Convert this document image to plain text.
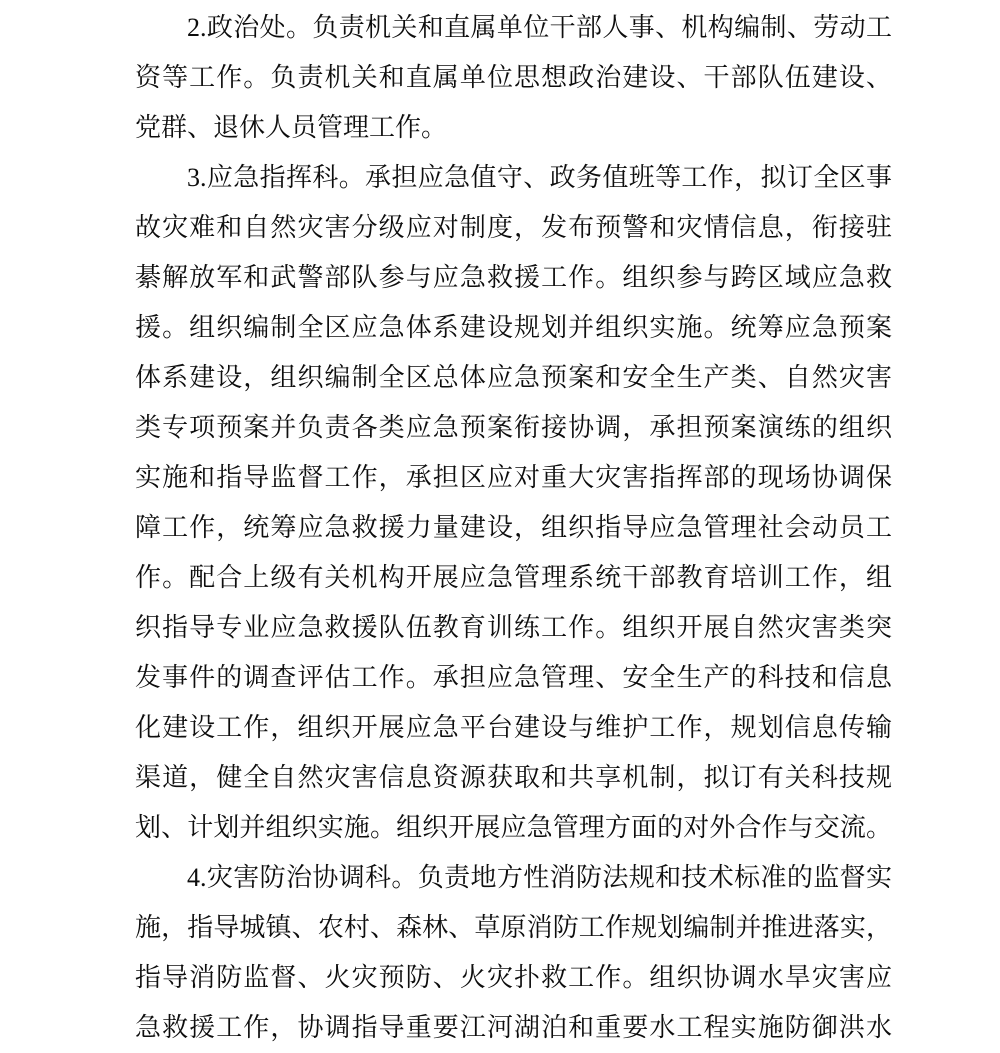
2.政治处。负责机关和直属单位干部人事、机构编制、劳动工
资等工作。负责机关和直属单位思想政治建设、干部队伍建设、
党群、退休人员管理工作。
3.应急指挥科。承担应急值守、政务值班等工作，拟订全区事
故灾难和自然灾害分级应对制度，发布预警和灾情信息，衔接驻
綦解放军和武警部队参与应急救援工作。组织参与跨区域应急救
援。组织编制全区应急体系建设规划并组织实施。统筹应急预案
体系建设，组织编制全区总体应急预案和安全生产类、自然灾害
类专项预案并负责各类应急预案衔接协调，承担预案演练的组织
实施和指导监督工作，承担区应对重大灾害指挥部的现场协调保
障工作，统筹应急救援力量建设，组织指导应急管理社会动员工
作。配合上级有关机构开展应急管理系统干部教育培训工作，组
织指导专业应急救援队伍教育训练工作。组织开展自然灾害类突
发事件的调查评估工作。承担应急管理、安全生产的科技和信息
化建设工作，组织开展应急平台建设与维护工作，规划信息传输
渠道，健全自然灾害信息资源获取和共享机制，拟订有关科技规
划、计划并组织实施。组织开展应急管理方面的对外合作与交流。
4.灾害防治协调科。负责地方性消防法规和技术标准的监督实
施，指导城镇、农村、森林、草原消防工作规划编制并推进落实，
指导消防监督、火灾预防、火灾扑救工作。组织协调水旱灾害应
急救援工作，协调指导重要江河湖泊和重要水工程实施防御洪水
